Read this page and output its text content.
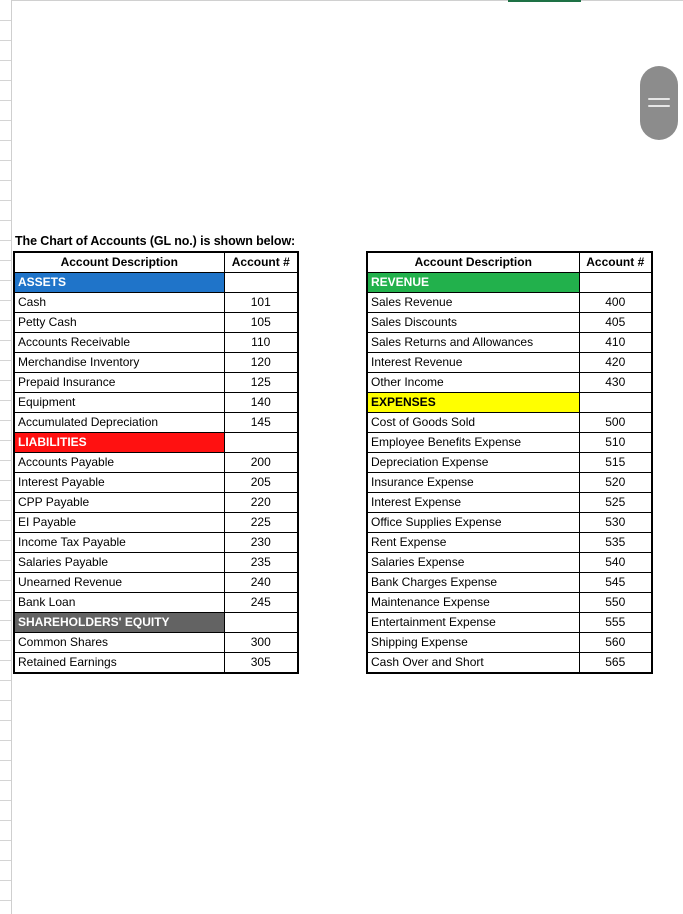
The Chart of Accounts (GL no.) is shown below:
Account Description	Account #
ASSETS	
Cash	101
Petty Cash	105
Accounts Receivable	110
Merchandise Inventory	120
Prepaid Insurance	125
Equipment	140
Accumulated Depreciation	145
LIABILITIES	
Accounts Payable	200
Interest Payable	205
CPP Payable	220
EI Payable	225
Income Tax Payable	230
Salaries Payable	235
Unearned Revenue	240
Bank Loan	245
SHAREHOLDERS' EQUITY	
Common Shares	300
Retained Earnings	305
Account Description	Account #
REVENUE	
Sales Revenue	400
Sales Discounts	405
Sales Returns and Allowances	410
Interest Revenue	420
Other Income	430
EXPENSES	
Cost of Goods Sold	500
Employee Benefits Expense	510
Depreciation Expense	515
Insurance Expense	520
Interest Expense	525
Office Supplies Expense	530
Rent Expense	535
Salaries Expense	540
Bank Charges Expense	545
Maintenance Expense	550
Entertainment Expense	555
Shipping Expense	560
Cash Over and Short	565
